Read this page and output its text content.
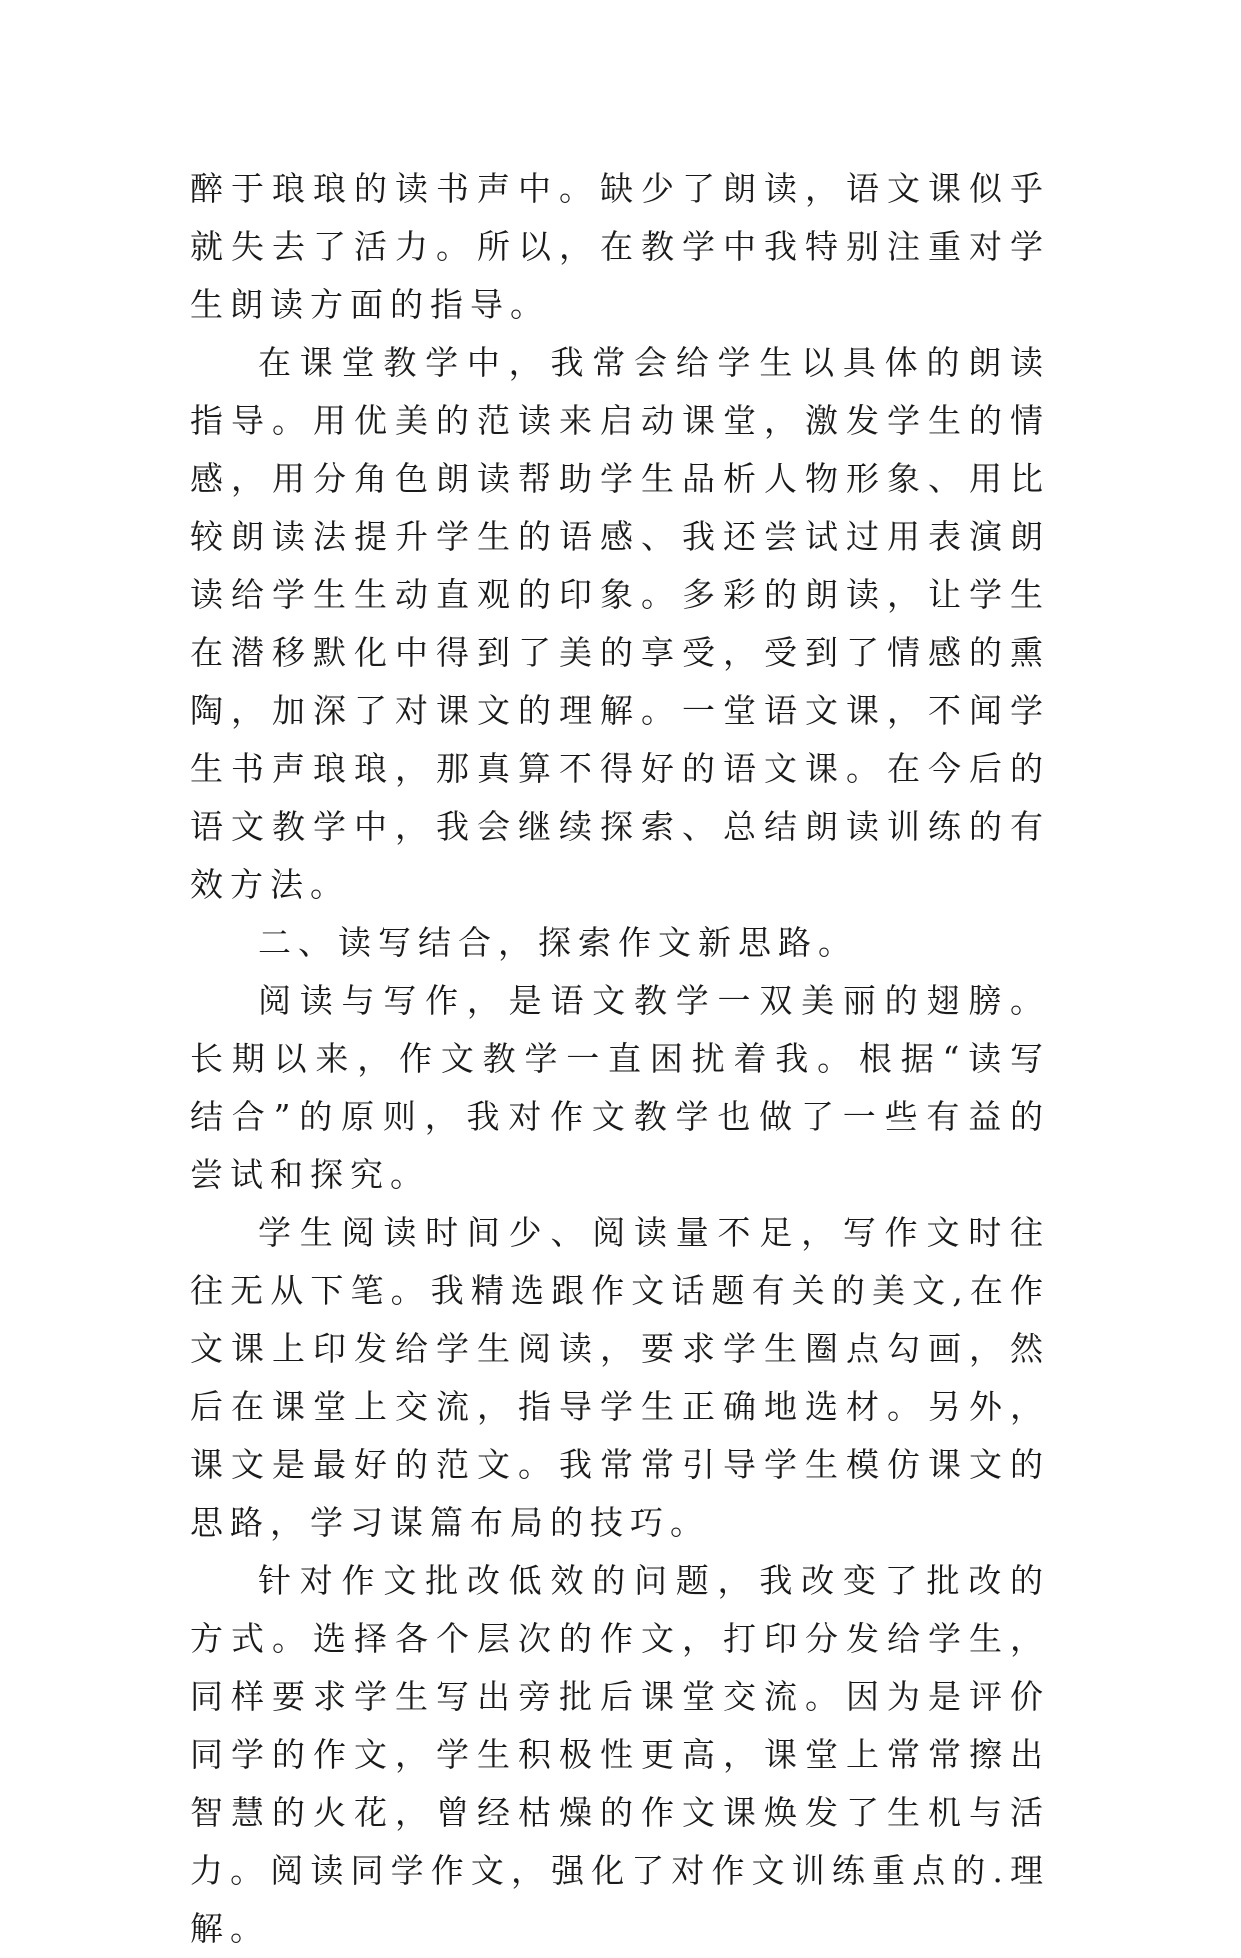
醉于琅琅的读书声中。缺少了朗读，语文课似乎就失去了活力。所以，在教学中我特别注重对学生朗读方面的指导。

在课堂教学中，我常会给学生以具体的朗读指导。用优美的范读来启动课堂，激发学生的情感，用分角色朗读帮助学生品析人物形象、用比较朗读法提升学生的语感、我还尝试过用表演朗读给学生生动直观的印象。多彩的朗读，让学生在潜移默化中得到了美的享受，受到了情感的熏陶，加深了对课文的理解。一堂语文课，不闻学生书声琅琅，那真算不得好的语文课。在今后的语文教学中，我会继续探索、总结朗读训练的有效方法。

二、读写结合，探索作文新思路。

阅读与写作，是语文教学一双美丽的翅膀。长期以来，作文教学一直困扰着我。根据“读写结合”的原则，我对作文教学也做了一些有益的尝试和探究。

学生阅读时间少、阅读量不足，写作文时往往无从下笔。我精选跟作文话题有关的美文,在作文课上印发给学生阅读，要求学生圈点勾画，然后在课堂上交流，指导学生正确地选材。另外，课文是最好的范文。我常常引导学生模仿课文的思路，学习谋篇布局的技巧。

针对作文批改低效的问题，我改变了批改的方式。选择各个层次的作文，打印分发给学生，同样要求学生写出旁批后课堂交流。因为是评价同学的作文，学生积极性更高，课堂上常常擦出智慧的火花，曾经枯燥的作文课焕发了生机与活力。阅读同学作文，强化了对作文训练重点的.理解。
